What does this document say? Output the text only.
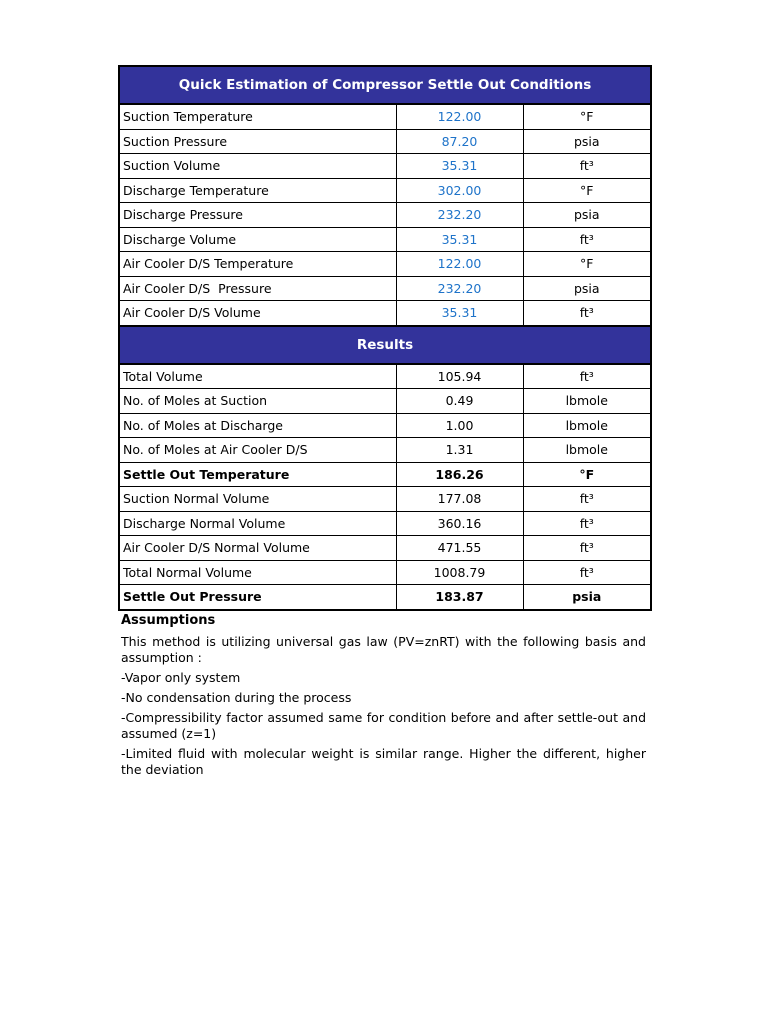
Quick Estimation of Compressor Settle Out Conditions		
Suction Temperature	122.00	°F
Suction Pressure	87.20	psia
Suction Volume	35.31	ft³
Discharge Temperature	302.00	°F
Discharge Pressure	232.20	psia
Discharge Volume	35.31	ft³
Air Cooler D/S Temperature	122.00	°F
Air Cooler D/S  Pressure	232.20	psia
Air Cooler D/S Volume	35.31	ft³
Results		
Total Volume	105.94	ft³
No. of Moles at Suction	0.49	lbmole
No. of Moles at Discharge	1.00	lbmole
No. of Moles at Air Cooler D/S	1.31	lbmole
Settle Out Temperature	186.26	°F
Suction Normal Volume	177.08	ft³
Discharge Normal Volume	360.16	ft³
Air Cooler D/S Normal Volume	471.55	ft³
Total Normal Volume	1008.79	ft³
Settle Out Pressure	183.87	psia
Assumptions

This method is utilizing universal gas law (PV=znRT) with the following basis and assumption :

-Vapor only system

-No condensation during the process

-Compressibility factor assumed same for condition before and after settle-out and assumed (z=1)

-Limited fluid with molecular weight is similar range. Higher the different, higher the deviation
